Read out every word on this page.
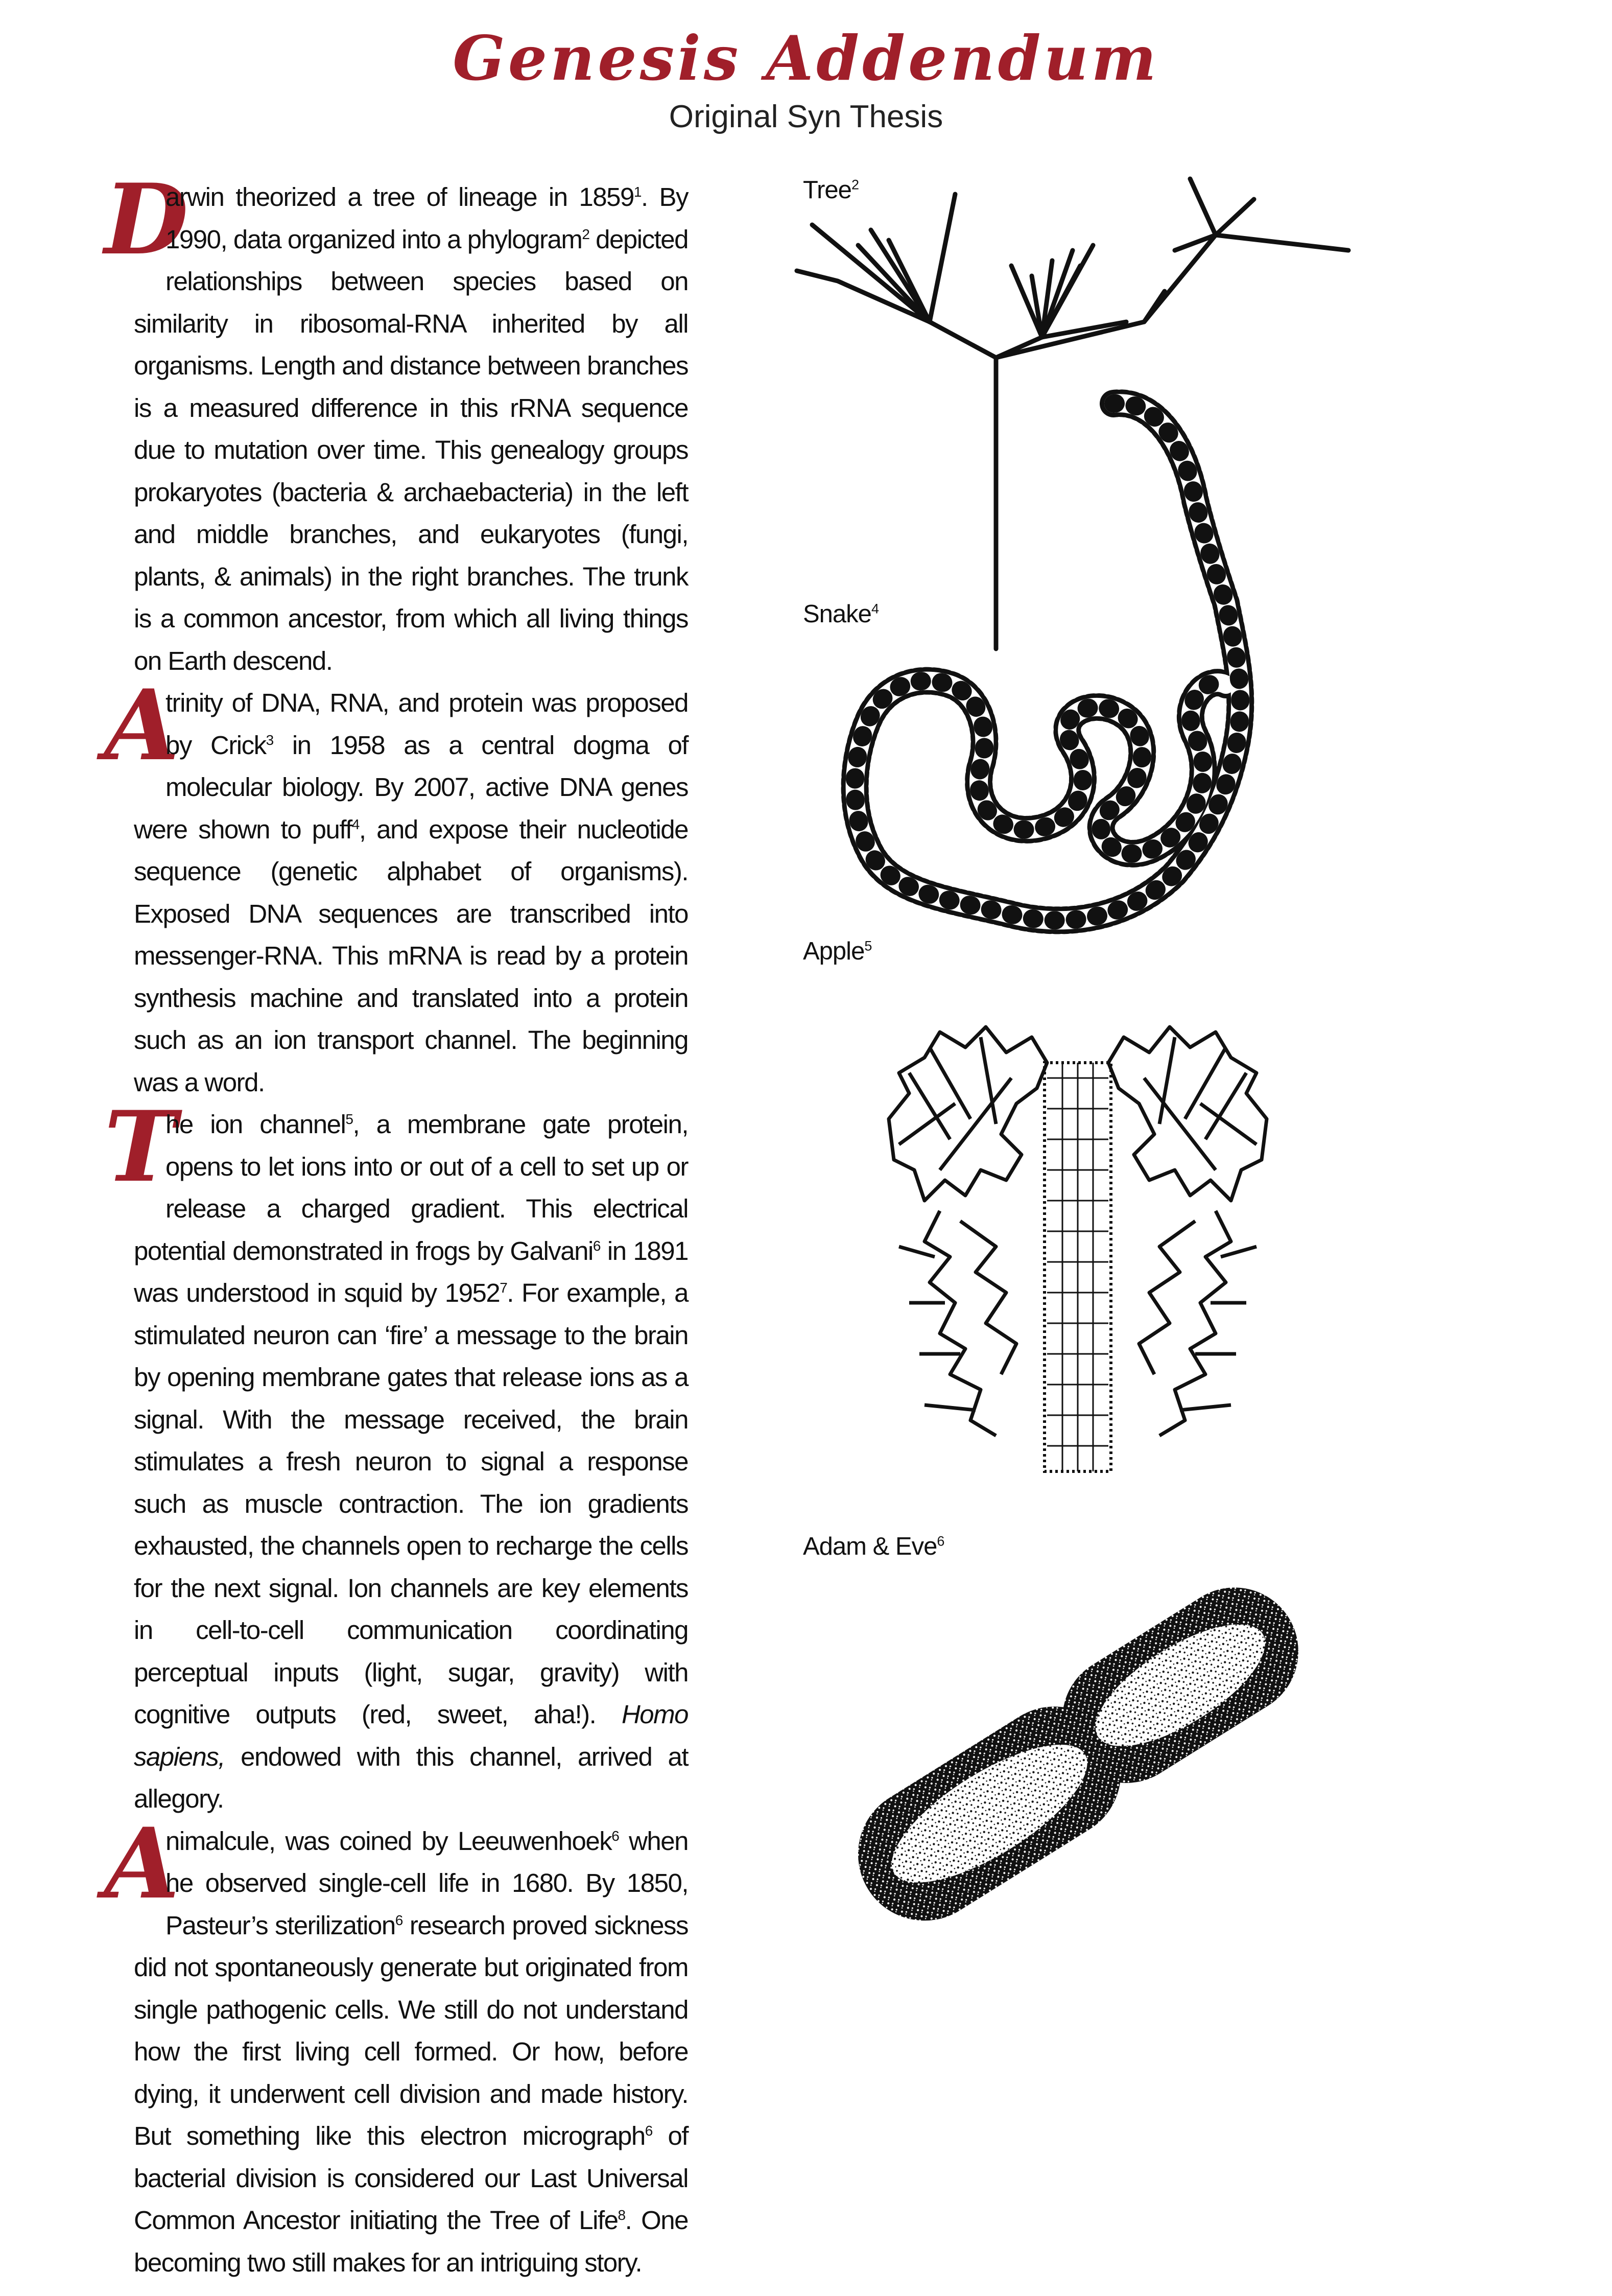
Genesis Addendum
Original Syn Thesis

D
arwin theorized a tree of lineage in 1859$^1$. By 1990, data organized into a phylogram$^2$ depicted relationships between species based on similarity in ribosomal-RNA inherited by all organisms. Length and distance between branches is a measured difference in this rRNA sequence due to mutation over time. This genealogy groups prokaryotes (bacteria & archaebacteria) in the left and middle branches, and eukaryotes (fungi, plants, & animals) in the right branches. The trunk is a common ancestor, from which all living things on Earth descend.

A
trinity of DNA, RNA, and protein was proposed by Crick$^3$ in 1958 as a central dogma of molecular biology. By 2007, active DNA genes were shown to puff$^4$, and expose their nucleotide sequence (genetic alphabet of organisms). Exposed DNA sequences are transcribed into messenger-RNA. This mRNA is read by a protein synthesis machine and translated into a protein such as an ion transport channel. The beginning was a word.

T
he ion channel$^5$, a membrane gate protein, opens to let ions into or out of a cell to set up or release a charged gradient. This electrical potential demonstrated in frogs by Galvani$^6$ in 1891 was understood in squid by 1952$^7$. For example, a stimulated neuron can ‘fire’ a message to the brain by opening membrane gates that release ions as a signal. With the message received, the brain stimulates a fresh neuron to signal a response such as muscle contraction. The ion gradients exhausted, the channels open to recharge the cells for the next signal. Ion channels are key elements in cell-to-cell communication coordinating perceptual inputs (light, sugar, gravity) with cognitive outputs (red, sweet, aha!). Homo sapiens, endowed with this channel, arrived at allegory.

A
nimalcule, was coined by Leeuwenhoek$^6$ when he observed single-cell life in 1680. By 1850, Pasteur’s sterilization$^6$ research proved sickness did not spontaneously generate but originated from single pathogenic cells. We still do not understand how the first living cell formed. Or how, before dying, it underwent cell division and made history. But something like this electron micrograph$^6$ of bacterial division is considered our Last Universal Common Ancestor initiating the Tree of Life$^8$. One becoming two still makes for an intriguing story.

Tree$^2$
Snake$^4$
Apple$^5$
Adam & Eve$^6$
